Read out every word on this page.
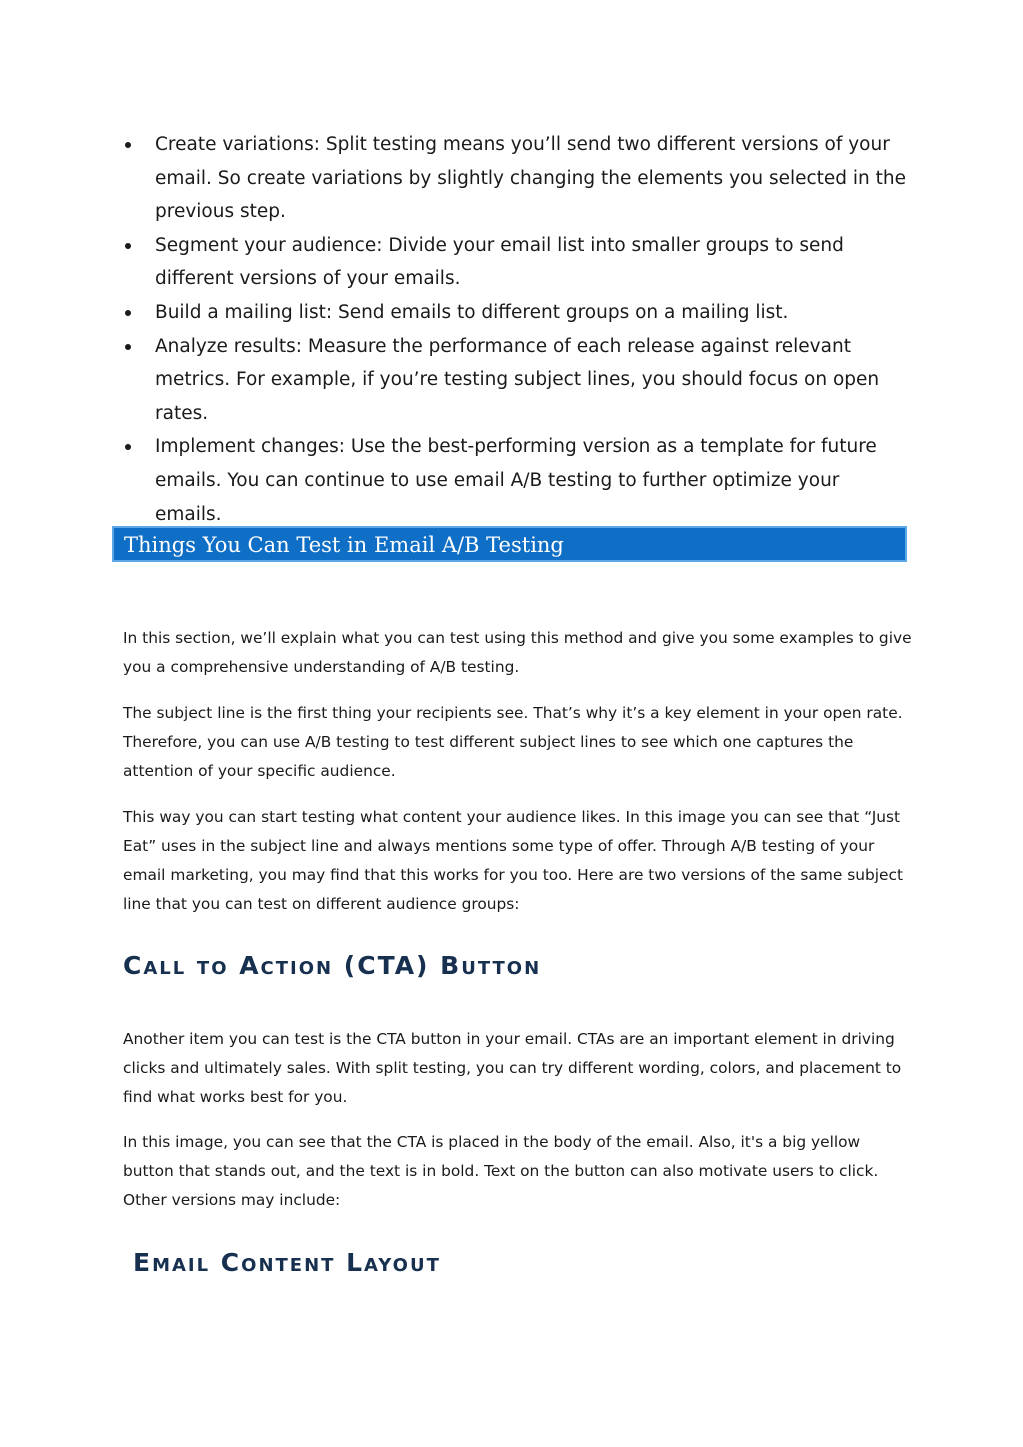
Create variations: Split testing means you’ll send two different versions of your email. So create variations by slightly changing the elements you selected in the previous step.
Segment your audience: Divide your email list into smaller groups to send different versions of your emails.
Build a mailing list: Send emails to different groups on a mailing list.
Analyze results: Measure the performance of each release against relevant metrics. For example, if you’re testing subject lines, you should focus on open rates.
Implement changes: Use the best-performing version as a template for future emails. You can continue to use email A/B testing to further optimize your emails.
Things You Can Test in Email A/B Testing

In this section, we’ll explain what you can test using this method and give you some examples to give you a comprehensive understanding of A/B testing.

The subject line is the first thing your recipients see. That’s why it’s a key element in your open rate. Therefore, you can use A/B testing to test different subject lines to see which one captures the attention of your specific audience.

This way you can start testing what content your audience likes. In this image you can see that “Just Eat” uses in the subject line and always mentions some type of offer. Through A/B testing of your email marketing, you may find that this works for you too. Here are two versions of the same subject line that you can test on different audience groups:

Call to Action (CTA) Button

Another item you can test is the CTA button in your email. CTAs are an important element in driving clicks and ultimately sales. With split testing, you can try different wording, colors, and placement to find what works best for you.

In this image, you can see that the CTA is placed in the body of the email. Also, it's a big yellow button that stands out, and the text is in bold. Text on the button can also motivate users to click. Other versions may include:

Email Content Layout
